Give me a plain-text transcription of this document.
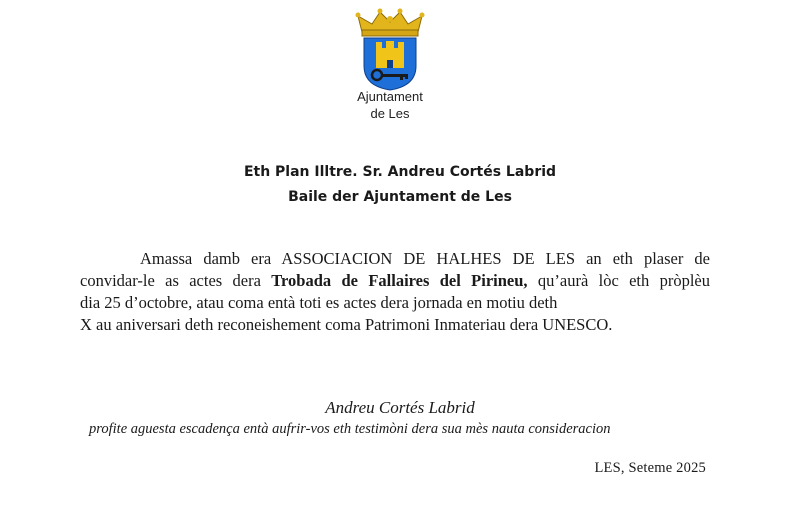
Ajuntament
de Les
Eth Plan Illtre. Sr. Andreu Cortés Labrid
Baile der Ajuntament de Les
Amassa damb era ASSOCIACION DE HALHES DE LES an eth plaser de
convidar-le as actes dera Trobada de Fallaires del Pirineu, qu’aurà lòc eth pròplèu
dia 25 d’octobre, atau coma entà toti es actes dera jornada en motiu deth
X au aniversari deth reconeishement coma Patrimoni Inmateriau dera UNESCO.
Andreu Cortés Labrid
profite aguesta escadença entà aufrir-vos eth testimòni dera sua mès nauta consideracion
LES, Seteme 2025
